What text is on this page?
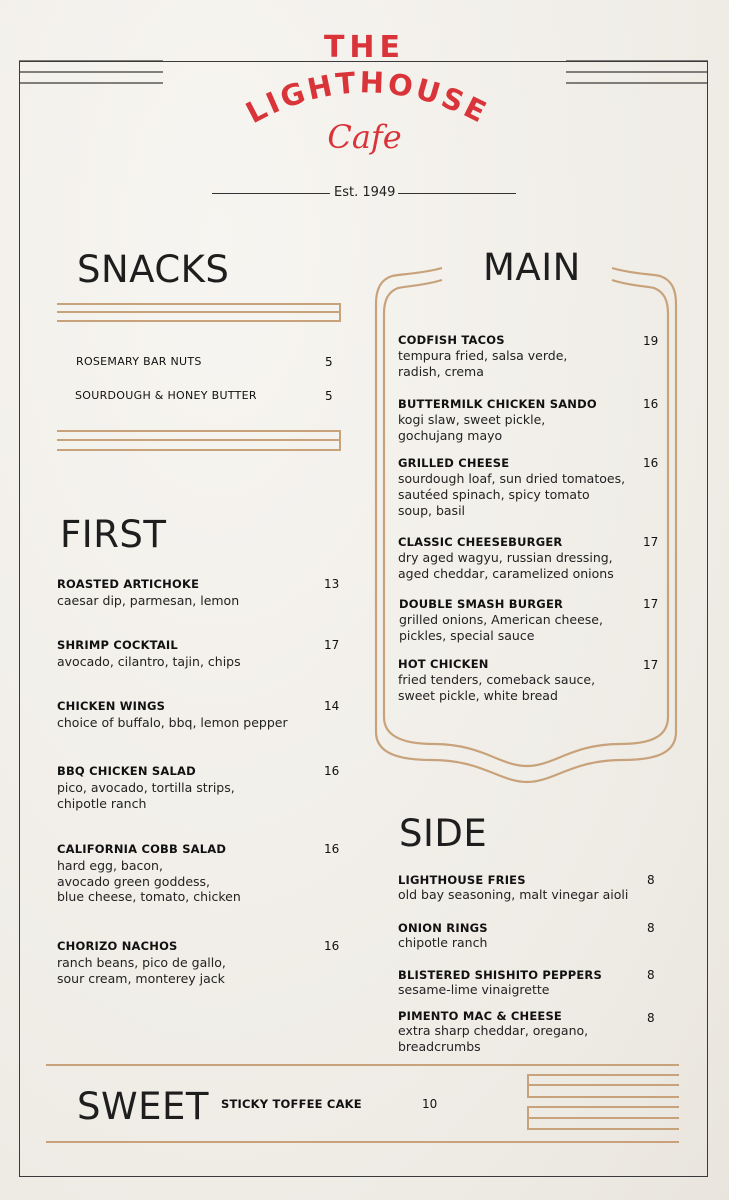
THE
LIGHTHOUSE
Cafe
Est. 1949
SNACKS
ROSEMARY BAR NUTS	5
SOURDOUGH & HONEY BUTTER	5
FIRST
ROASTED ARTICHOKE
caesar dip, parmesan, lemon
13
SHRIMP COCKTAIL
avocado, cilantro, tajin, chips
17
CHICKEN WINGS
choice of buffalo, bbq, lemon pepper
14
BBQ CHICKEN SALAD
pico, avocado, tortilla strips,
chipotle ranch
16
CALIFORNIA COBB SALAD
hard egg, bacon,
avocado green goddess,
blue cheese, tomato, chicken
16
CHORIZO NACHOS
ranch beans, pico de gallo,
sour cream, monterey jack
16
MAIN
CODFISH TACOS
tempura fried, salsa verde,
radish, crema
19
BUTTERMILK CHICKEN SANDO
kogi slaw, sweet pickle,
gochujang mayo
16
GRILLED CHEESE
sourdough loaf, sun dried tomatoes,
sautéed spinach, spicy tomato
soup, basil
16
CLASSIC CHEESEBURGER
dry aged wagyu, russian dressing,
aged cheddar, caramelized onions
17
DOUBLE SMASH BURGER
grilled onions, American cheese,
pickles, special sauce
17
HOT CHICKEN
fried tenders, comeback sauce,
sweet pickle, white bread
17
SIDE
LIGHTHOUSE FRIES
old bay seasoning, malt vinegar aioli
8
ONION RINGS
chipotle ranch
8
BLISTERED SHISHITO PEPPERS
sesame-lime vinaigrette
8
PIMENTO MAC & CHEESE
extra sharp cheddar, oregano,
breadcrumbs
8
SWEET STICKY TOFFEE CAKE	10
